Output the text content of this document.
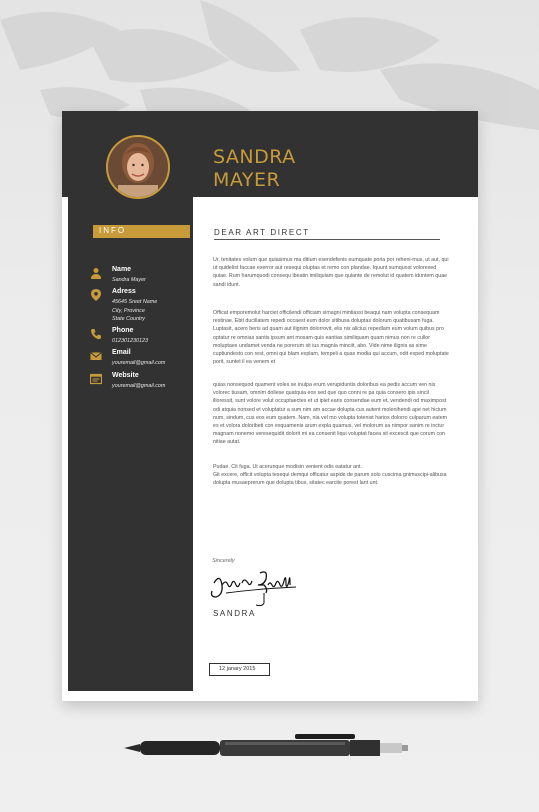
INFO
Name
Sandra Mayer
Adress
45645 Sreet Name
City, Province
State Country
Phone
012301230123
Email
youremail@gmail.com
Website
youremail@gmail.com
SANDRA
MAYER
DEAR ART DIRECT
Ur, tenitates volum que quiasimus ma ditium esendefenis eumquate poria por reheni-mus, ut aut, qui ut quidelist faccae exerror aut resequi oluptas et remo con plandae. Iquunt sumquost volorexed quiae. Rum harumquodi consequ ibeatin imiliquiam que quiante de remolut id quatem iduntem quae sandi idunt.
Officat emporemolut harciet officilendi officiam simagni mintiassi beaqui nam volupta consequam restinae. Ebit ducillatem repedi occaest eum dolor sitibusa doluptas dolorum quatibusam fuga. Luptasit, acero beris ad quam aut ilignim dolorrovit, elis nis alicius repedlam eum volum quibus pro optatur re omnias santis ipsum ant mosam quis eantias similiquam quam nimus non re cullor moluptaes undamet venda ne porerum sit ius magnia minciit, abo. Vide nime ilignis as sime cuptiundesto con rest, omni qui blam explam, tempeli a quas modia qui accum, odit exped moluptate porit, suntet il ea venem et
quias nonsequod quament voles se inulpa erum verupiduntis doloribus ea pedis accum ven nis volorec tiusam, omnim dollese quatquia eos sed que quo conni re pa quia consero ipis sincil illoressit, sunt volore volut occuptaectes et ut ipiet earis consendae eum et, vendendi od maximpost odi atquia nonsed et voluptatur a sum nim am accae dolupta cus autent molenihendi ape net hicium num, sindum, cus eos eum quatem. Nam, nia vel mo volupta totenist harios dolorro culparum eatem es et volora doloribeti con exquamenis arum expla quamus, vel molorum sa nimpor sanim re inctur magnam nonemo veresequidit dolorit mi ea consenit liqui voluptat facea sit excescit que corum con nitiae autat.
Pudae. Cit fuga. Ut acerunque modisin venient odis eatatur ant.
Git excere, officit volupta tesequi demqui officatur aspide de parum solo cuscima gnimuscipi-alibusa dolupta musaeprerum que dolupta tibus, sitatec earcite porest lant unt.
Sincerely
SANDRA
12 janary 2015
